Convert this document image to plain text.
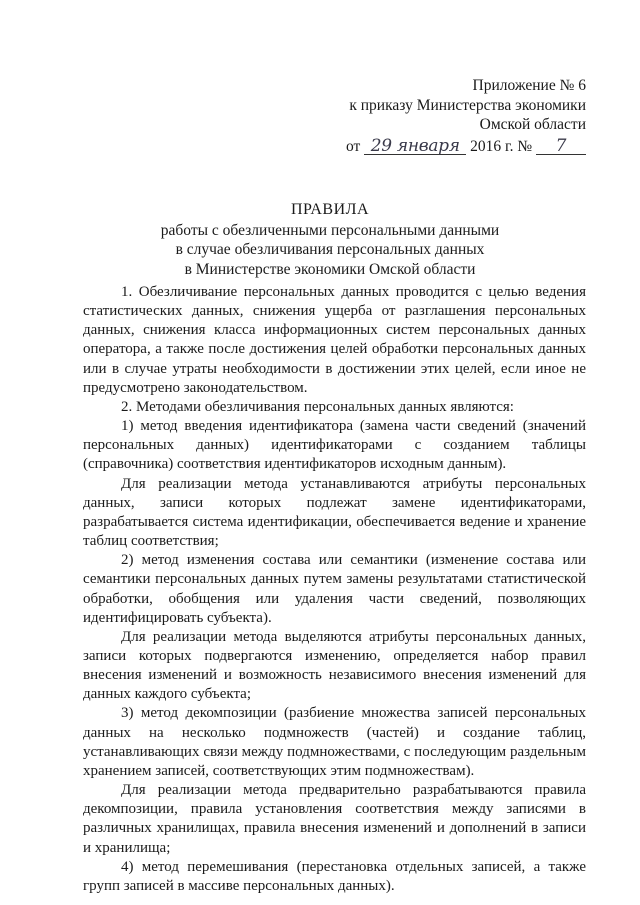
Приложение № 6
к приказу Министерства экономики
Омской области
от 29 января 2016 г. № 7
ПРАВИЛА
работы с обезличенными персональными данными
в случае обезличивания персональных данных
в Министерстве экономики Омской области

1. Обезличивание персональных данных проводится с целью ведения статистических данных, снижения ущерба от разглашения персональных данных, снижения класса информационных систем персональных данных оператора, а также после достижения целей обработки персональных данных или в случае утраты необходимости в достижении этих целей, если иное не предусмотрено законодательством.

2. Методами обезличивания персональных данных являются:

1) метод введения идентификатора (замена части сведений (значений персональных данных) идентификаторами с созданием таблицы (справочника) соответствия идентификаторов исходным данным).

Для реализации метода устанавливаются атрибуты персональных данных, записи которых подлежат замене идентификаторами, разрабатывается система идентификации, обеспечивается ведение и хранение таблиц соответствия;

2) метод изменения состава или семантики (изменение состава или семантики персональных данных путем замены результатами статистической обработки, обобщения или удаления части сведений, позволяющих идентифицировать субъекта).

Для реализации метода выделяются атрибуты персональных данных, записи которых подвергаются изменению, определяется набор правил внесения изменений и возможность независимого внесения изменений для данных каждого субъекта;

3) метод декомпозиции (разбиение множества записей персональных данных на несколько подмножеств (частей) и создание таблиц, устанавливающих связи между подмножествами, с последующим раздельным хранением записей, соответствующих этим подмножествам).

Для реализации метода предварительно разрабатываются правила декомпозиции, правила установления соответствия между записями в различных хранилищах, правила внесения изменений и дополнений в записи и хранилища;

4) метод перемешивания (перестановка отдельных записей, а также групп записей в массиве персональных данных).
